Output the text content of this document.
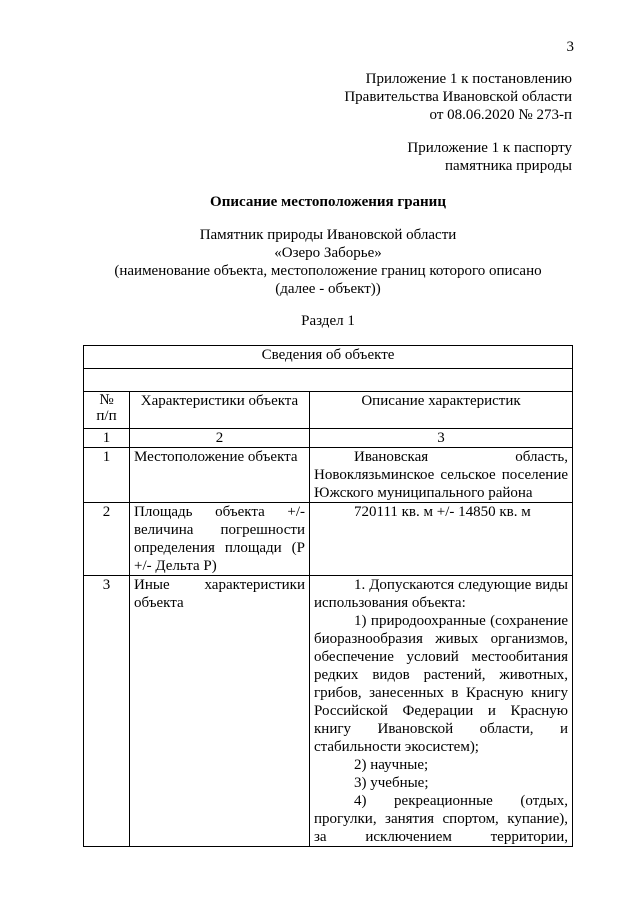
3
Приложение 1 к постановлению
Правительства Ивановской области
от 08.06.2020 № 273-п
Приложение 1 к паспорту
памятника природы
Описание местоположения границ
Памятник природы Ивановской области
«Озеро Заборье»
(наименование объекта, местоположение границ которого описано
(далее - объект))
Раздел 1
Сведения об объекте		

№
п/п	Характеристики объекта	Описание характеристик
1	2	3
1	Местоположение объекта	Ивановская область, Новоклязьминское сельское поселение Южского муниципального района

2	Площадь объекта +/- величина погрешности определения площади (Р +/- Дельта Р)	720111 кв. м +/- 14850 кв. м

3	Иные характеристики объекта	1. Допускаются следующие виды использования объекта:
1) природоохранные (сохранение биоразнообразия живых организмов, обеспечение условий местообитания редких видов растений, животных, грибов, занесенных в Красную книгу Российской Федерации и Красную книгу Ивановской области, и стабильности экосистем);
2) научные;
3) учебные;
4) рекреационные (отдых, прогулки, занятия спортом, купание), за исключением территории,
